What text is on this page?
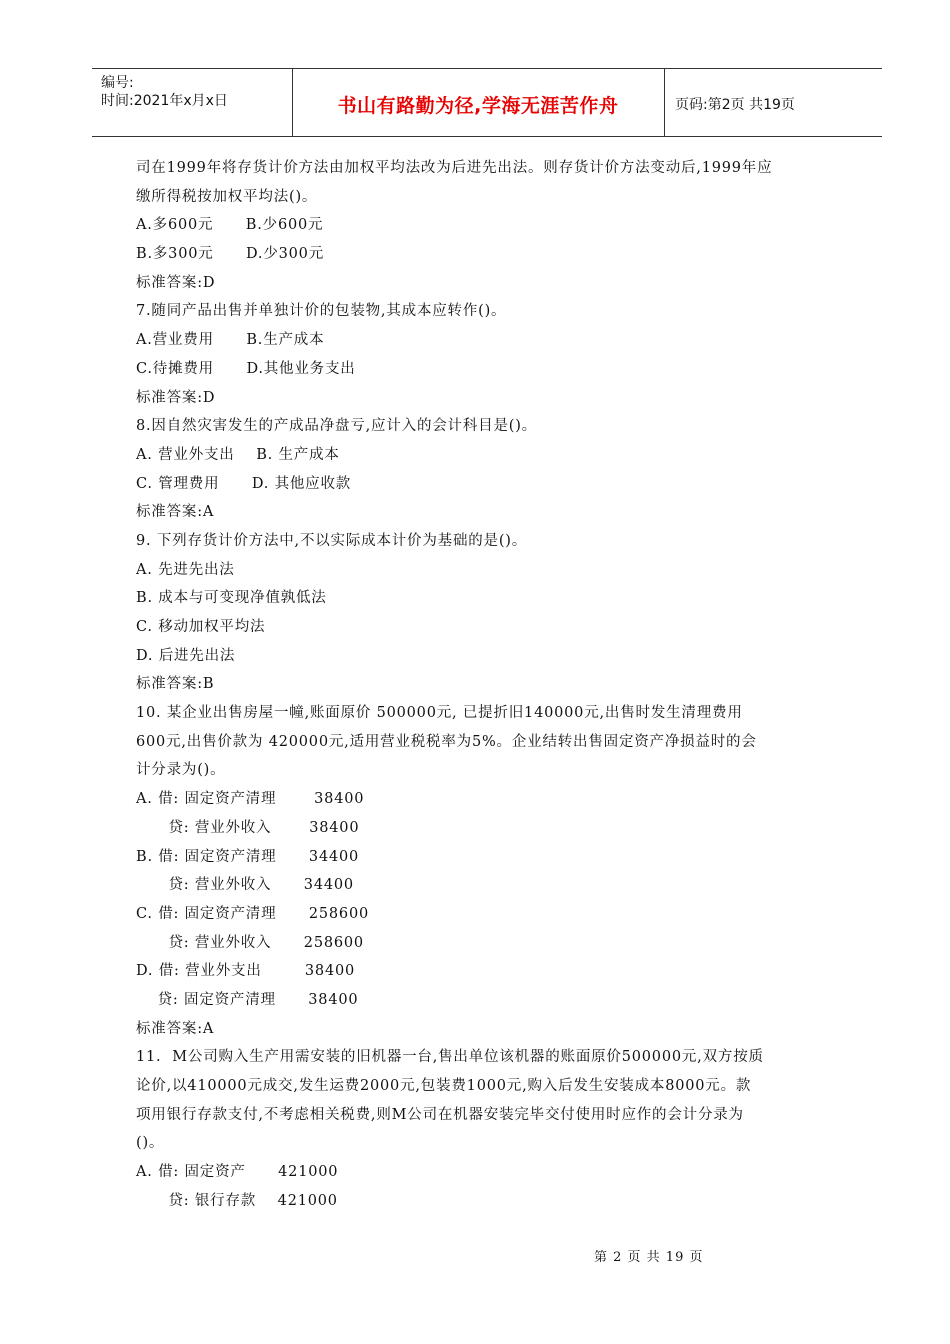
编号:
时间:2021年x月x日	书山有路勤为径,学海无涯苦作舟	页码:第2页 共19页
司在1999年将存货计价方法由加权平均法改为后进先出法。则存货计价方法变动后,1999年应
缴所得税按加权平均法()。
A.多600元      B.少600元
B.多300元      D.少300元
标准答案:D
7.随同产品出售并单独计价的包装物,其成本应转作()。
A.营业费用      B.生产成本
C.待摊费用      D.其他业务支出
标准答案:D
8.因自然灾害发生的产成品净盘亏,应计入的会计科目是()。
A. 营业外支出    B. 生产成本
C. 管理费用      D. 其他应收款
标准答案:A
9. 下列存货计价方法中,不以实际成本计价为基础的是()。
A. 先进先出法
B. 成本与可变现净值孰低法
C. 移动加权平均法
D. 后进先出法
标准答案:B
10. 某企业出售房屋一幢,账面原价 500000元, 已提折旧140000元,出售时发生清理费用
600元,出售价款为 420000元,适用营业税税率为5%。企业结转出售固定资产净损益时的会
计分录为()。
A. 借: 固定资产清理       38400
贷: 营业外收入       38400
B. 借: 固定资产清理      34400
贷: 营业外收入      34400
C. 借: 固定资产清理      258600
贷: 营业外收入      258600
D. 借: 营业外支出        38400
贷: 固定资产清理      38400
标准答案:A
11.  M公司购入生产用需安装的旧机器一台,售出单位该机器的账面原价500000元,双方按质
论价,以410000元成交,发生运费2000元,包装费1000元,购入后发生安装成本8000元。款
项用银行存款支付,不考虑相关税费,则M公司在机器安装完毕交付使用时应作的会计分录为
()。
A. 借: 固定资产      421000
贷: 银行存款    421000
第 2 页 共 19 页
